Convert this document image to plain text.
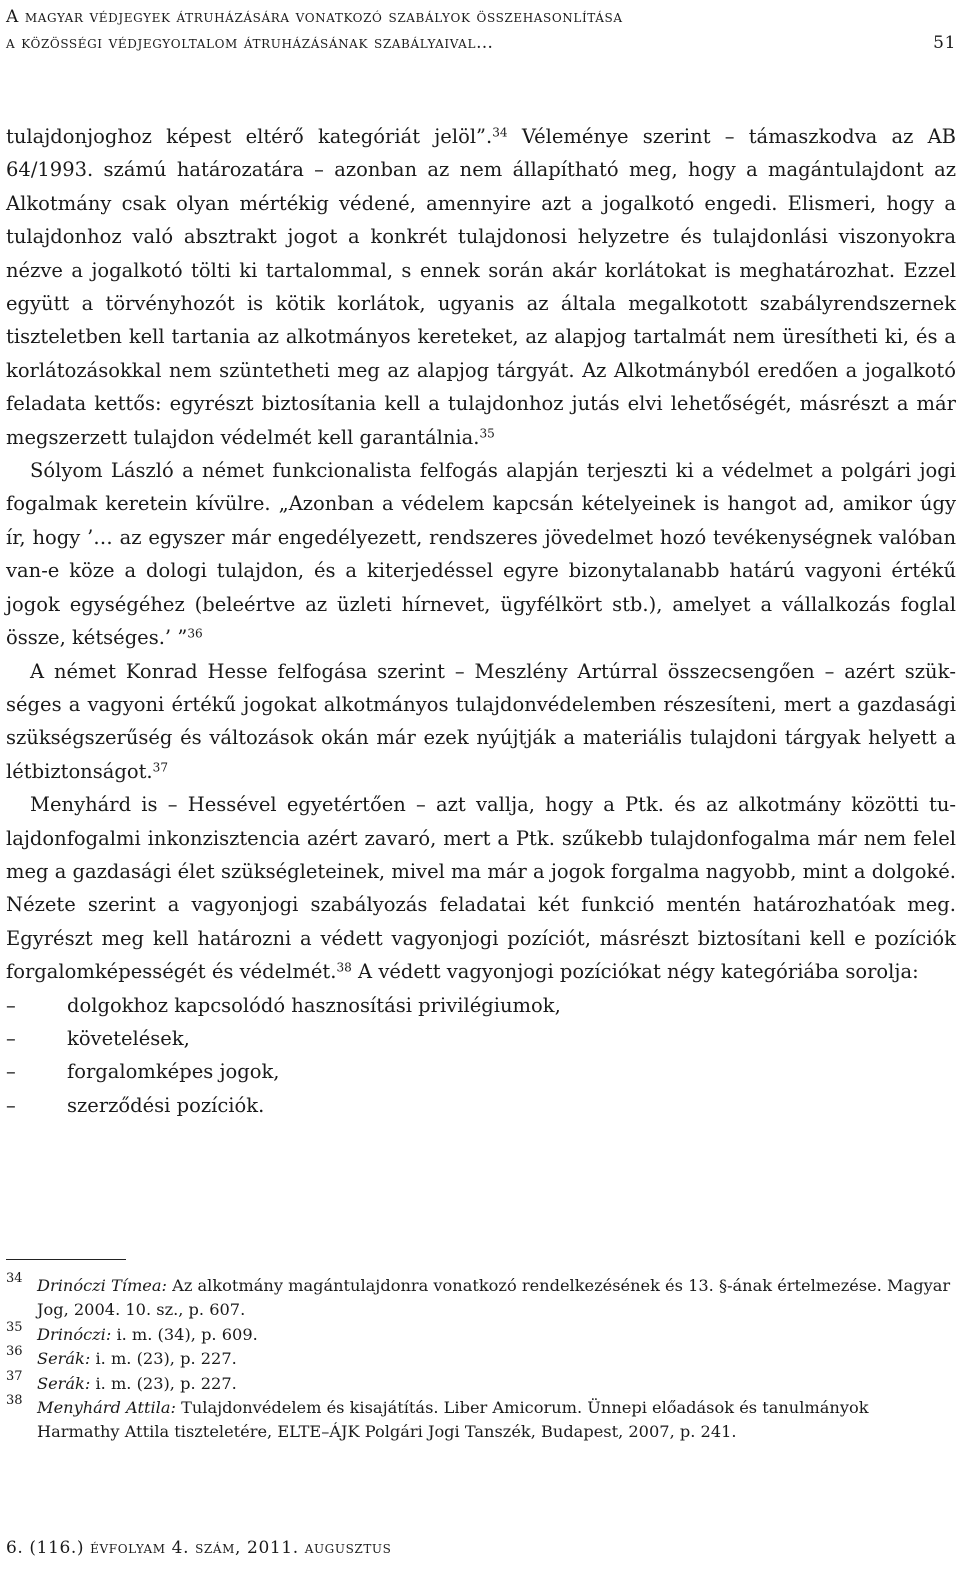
A magyar védjegyek átruházására vonatkozó szabályok összehasonlítása
a közösségi védjegyoltalom átruházásának szabályaival…	51

tulajdonjoghoz képest eltérő kategóriát jelöl”.$^{34}$ Véleménye szerint – támaszkodva az AB 64/1993. számú határozatára – azonban az nem állapítható meg, hogy a magántulajdont az Alkotmány csak olyan mértékig védené, amennyire azt a jogalkotó engedi. Elismeri, hogy a tulajdonhoz való absztrakt jogot a konkrét tulajdonosi helyzetre és tulajdonlási viszonyokra nézve a jogalkotó tölti ki tartalommal, s ennek során akár korlátokat is meghatározhat. Ezzel együtt a törvényhozót is kötik korlátok, ugyanis az általa megalkotott szabályrendszernek tiszteletben kell tartania az alkotmányos kereteket, az alapjog tartalmát nem üresítheti ki, és a korlátozásokkal nem szüntetheti meg az alapjog tárgyát. Az Alkotmányból eredően a jogalkotó feladata kettős: egyrészt biztosítania kell a tulajdonhoz jutás elvi lehetőségét, másrészt a már megszerzett tulajdon védelmét kell garantálnia.$^{35}$

Sólyom László a német funkcionalista felfogás alapján terjeszti ki a védelmet a polgári jogi fogalmak keretein kívülre. „Azonban a védelem kapcsán kételyeinek is hangot ad, amikor úgy ír, hogy ’… az egyszer már engedélyezett, rendszeres jövedelmet hozó tevékenységnek valóban van-e köze a dologi tulajdon, és a kiterjedéssel egyre bizonytalanabb határú vagyoni értékű jogok egységéhez (beleértve az üzleti hírnevet, ügyfélkört stb.), amelyet a vállalkozás foglal össze, kétséges.’ ”$^{36}$

A német Konrad Hesse felfogása szerint – Meszlény Artúrral összecsengően – azért szükséges a vagyoni értékű jogokat alkotmányos tulajdonvédelemben részesíteni, mert a gazdasági szükségszerűség és változások okán már ezek nyújtják a materiális tulajdoni tárgyak helyett a létbiztonságot.$^{37}$

Menyhárd is – Hessével egyetértően – azt vallja, hogy a Ptk. és az alkotmány közötti tulajdonfogalmi inkonzisztencia azért zavaró, mert a Ptk. szűkebb tulajdonfogalma már nem felel meg a gazdasági élet szükségleteinek, mivel ma már a jogok forgalma nagyobb, mint a dolgoké. Nézete szerint a vagyonjogi szabályozás feladatai két funkció mentén határozhatóak meg. Egyrészt meg kell határozni a védett vagyonjogi pozíciót, másrészt biztosítani kell e pozíciók forgalomképességét és védelmét.$^{38}$ A védett vagyonjogi pozíciókat négy kategóriába sorolja:

–	dolgokhoz kapcsolódó hasznosítási privilégiumok,
–	követelések,
–	forgalomképes jogok,
–	szerződési pozíciók.
34 Drinóczi Tímea: Az alkotmány magántulajdonra vonatkozó rendelkezésének és 13. §-ának értelmezése. Magyar Jog, 2004. 10. sz., p. 607.
35 Drinóczi: i. m. (34), p. 609.
36 Serák: i. m. (23), p. 227.
37 Serák: i. m. (23), p. 227.
38 Menyhárd Attila: Tulajdonvédelem és kisajátítás. Liber Amicorum. Ünnepi előadások és tanulmányok Harmathy Attila tiszteletére, ELTE–ÁJK Polgári Jogi Tanszék, Budapest, 2007, p. 241.
6. (116.) évfolyam 4. szám, 2011. augusztus
